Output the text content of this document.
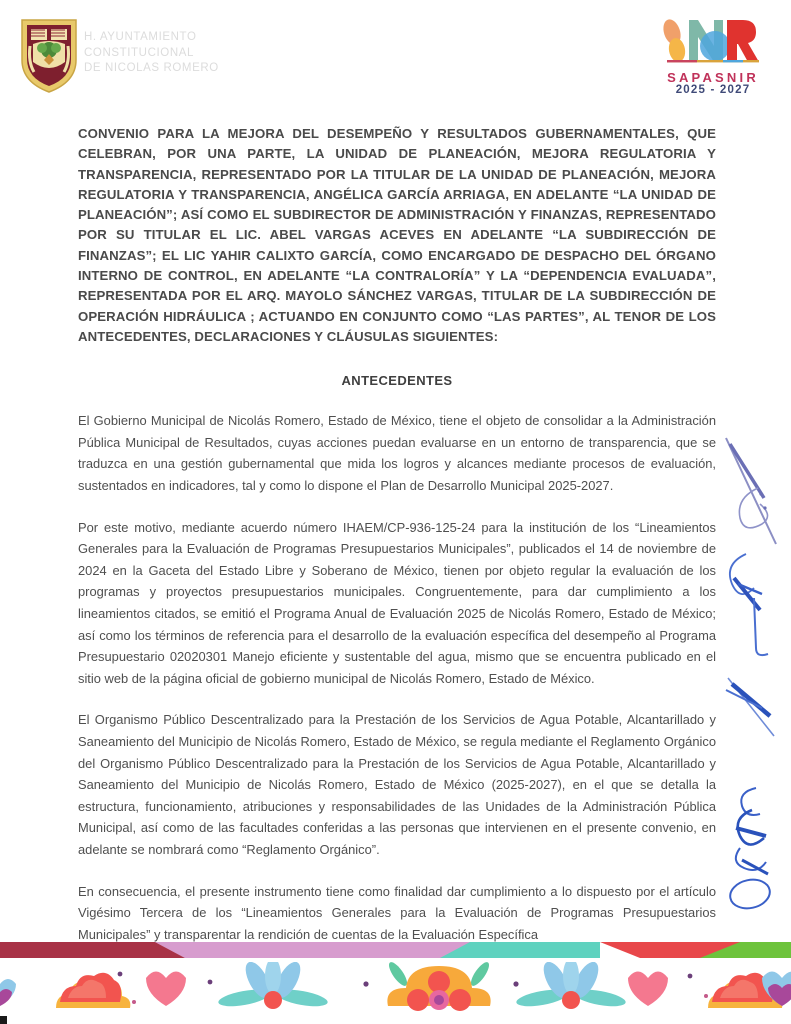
H. AYUNTAMIENTO
CONSTITUCIONAL
DE NICOLAS ROMERO
SAPASNIR
2025 - 2027

CONVENIO PARA LA MEJORA DEL DESEMPEÑO Y RESULTADOS GUBERNAMENTALES, QUE CELEBRAN, POR UNA PARTE, LA UNIDAD DE PLANEACIÓN, MEJORA REGULATORIA Y TRANSPARENCIA, REPRESENTADO POR LA TITULAR DE LA UNIDAD DE PLANEACIÓN, MEJORA REGULATORIA Y TRANSPARENCIA, ANGÉLICA GARCÍA ARRIAGA, EN ADELANTE “LA UNIDAD DE PLANEACIÓN”; ASÍ COMO EL SUBDIRECTOR DE ADMINISTRACIÓN Y FINANZAS, REPRESENTADO POR SU TITULAR EL LIC. ABEL VARGAS ACEVES EN ADELANTE “LA SUBDIRECCIÓN DE FINANZAS”; EL LIC YAHIR CALIXTO GARCÍA, COMO ENCARGADO DE DESPACHO DEL ÓRGANO INTERNO DE CONTROL, EN ADELANTE “LA CONTRALORÍA” Y LA “DEPENDENCIA EVALUADA”, REPRESENTADA POR EL ARQ. MAYOLO SÁNCHEZ VARGAS, TITULAR DE LA SUBDIRECCIÓN DE OPERACIÓN HIDRÁULICA ; ACTUANDO EN CONJUNTO COMO “LAS PARTES”, AL TENOR DE LOS ANTECEDENTES, DECLARACIONES Y CLÁUSULAS SIGUIENTES:

ANTECEDENTES

El Gobierno Municipal de Nicolás Romero, Estado de México, tiene el objeto de consolidar a la Administración Pública Municipal de Resultados, cuyas acciones puedan evaluarse en un entorno de transparencia, que se traduzca en una gestión gubernamental que mida los logros y alcances mediante procesos de evaluación, sustentados en indicadores, tal y como lo dispone el Plan de Desarrollo Municipal 2025-2027.

Por este motivo, mediante acuerdo número IHAEM/CP-936-125-24 para la institución de los “Lineamientos Generales para la Evaluación de Programas Presupuestarios Municipales”, publicados el 14 de noviembre de 2024 en la Gaceta del Estado Libre y Soberano de México, tienen por objeto regular la evaluación de los programas y proyectos presupuestarios municipales. Congruentemente, para dar cumplimiento a los lineamientos citados, se emitió el Programa Anual de Evaluación 2025 de Nicolás Romero, Estado de México; así como los términos de referencia para el desarrollo de la evaluación específica del desempeño al Programa Presupuestario 02020301 Manejo eficiente y sustentable del agua, mismo que se encuentra publicado en el sitio web de la página oficial de gobierno municipal de Nicolás Romero, Estado de México.

El Organismo Público Descentralizado para la Prestación de los Servicios de Agua Potable, Alcantarillado y Saneamiento del Municipio de Nicolás Romero, Estado de México, se regula mediante el Reglamento Orgánico del Organismo Público Descentralizado para la Prestación de los Servicios de Agua Potable, Alcantarillado y Saneamiento del Municipio de Nicolás Romero, Estado de México (2025-2027), en el que se detalla la estructura, funcionamiento, atribuciones y responsabilidades de las Unidades de la Administración Pública Municipal, así como de las facultades conferidas a las personas que intervienen en el presente convenio, en adelante se nombrará como “Reglamento Orgánico”.

En consecuencia, el presente instrumento tiene como finalidad dar cumplimiento a lo dispuesto por el artículo Vigésimo Tercera de los “Lineamientos Generales para la Evaluación de Programas Presupuestarios Municipales” y transparentar la rendición de cuentas de la Evaluación Específica
